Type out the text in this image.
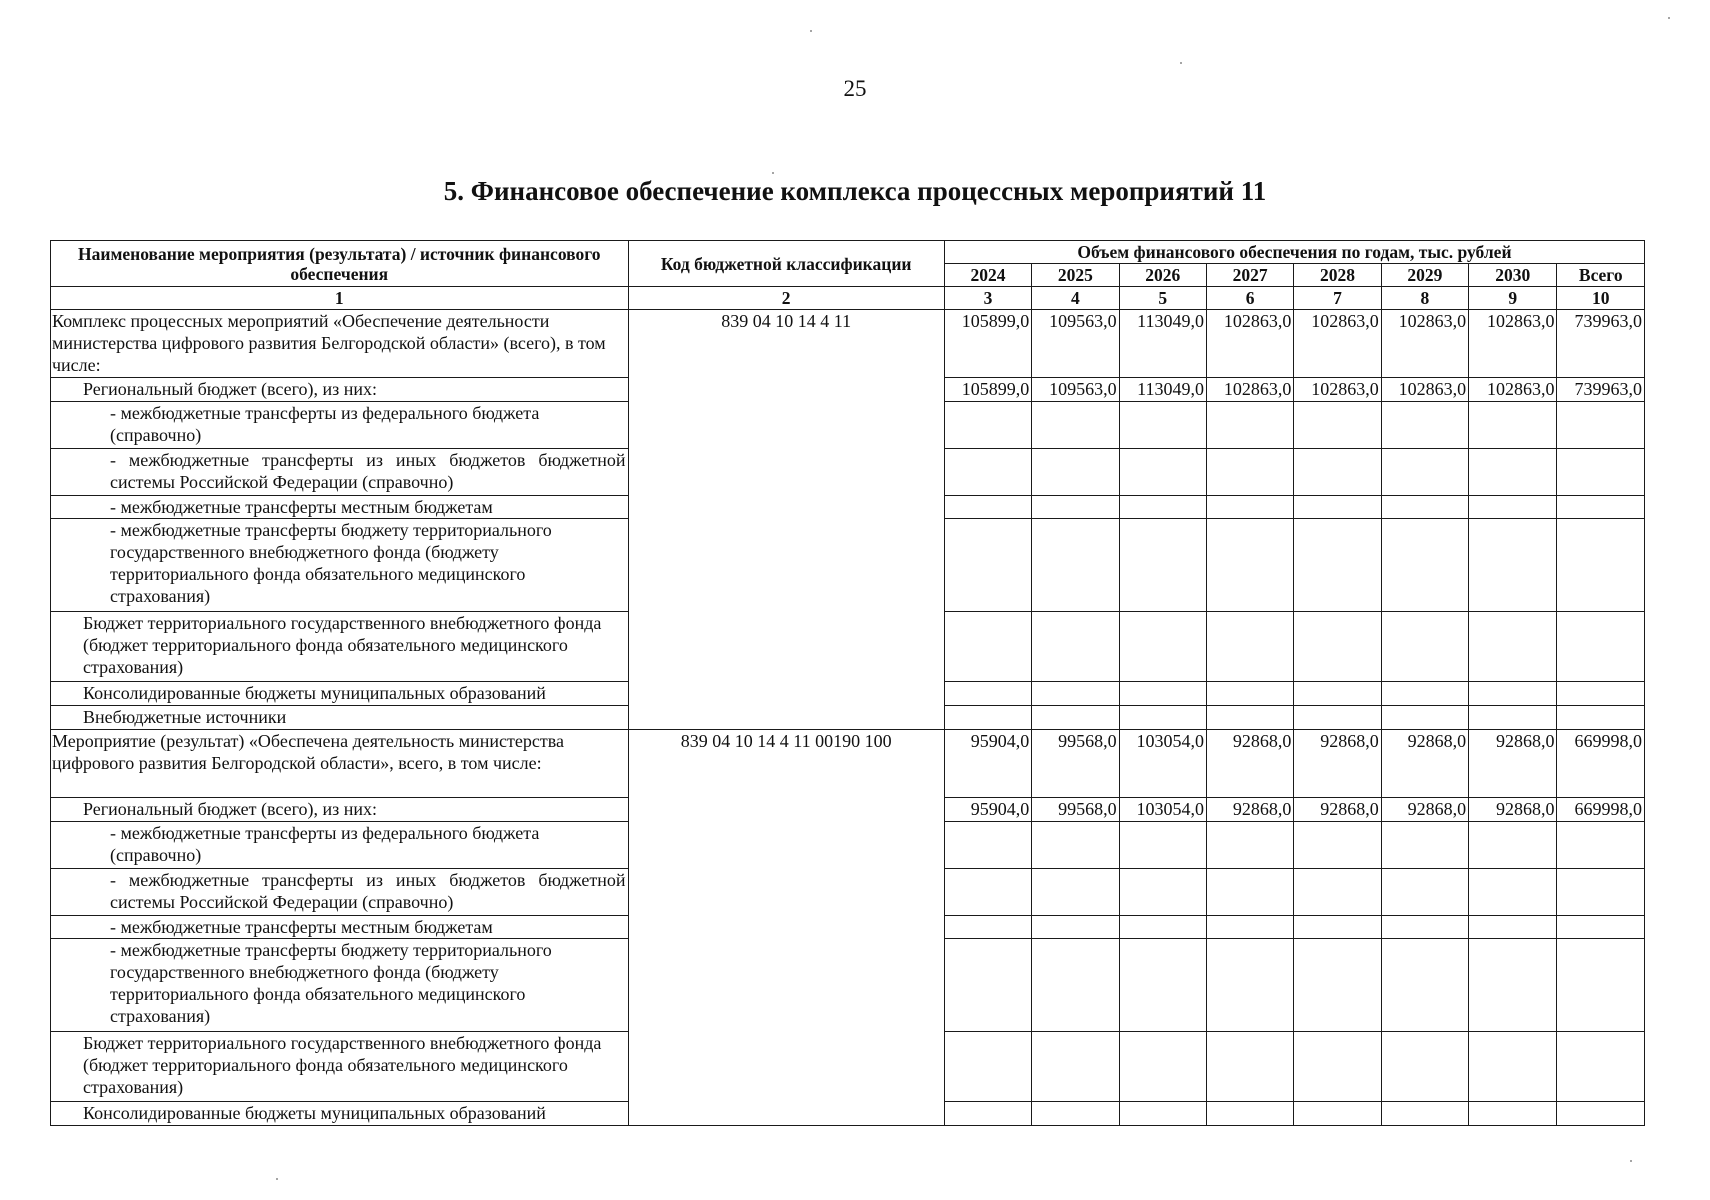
25
5. Финансовое обеспечение комплекса процессных мероприятий 11
Наименование мероприятия (результата) / источник финансового обеспечения	Код бюджетной классификации	Объем финансового обеспечения по годам, тыс. рублей							
		2024	2025	2026	2027	2028	2029	2030	Всего
1	2	3	4	5	6	7	8	9	10
Комплекс процессных мероприятий «Обеспечение деятельности министерства цифрового развития Белгородской области» (всего), в том числе:	839 04 10 14 4 11	105899,0	109563,0	113049,0	102863,0	102863,0	102863,0	102863,0	739963,0
Региональный бюджет (всего), из них:		105899,0	109563,0	113049,0	102863,0	102863,0	102863,0	102863,0	739963,0
- межбюджетные трансферты из федерального бюджета (справочно)									
- межбюджетные трансферты из иных бюджетов бюджетной системы Российской Федерации (справочно)									
- межбюджетные трансферты местным бюджетам									
- межбюджетные трансферты бюджету территориального государственного внебюджетного фонда (бюджету территориального фонда обязательного медицинского страхования)									
Бюджет территориального государственного внебюджетного фонда (бюджет территориального фонда обязательного медицинского страхования)									
Консолидированные бюджеты муниципальных образований									
Внебюджетные источники									
Мероприятие (результат) «Обеспечена деятельность министерства цифрового развития Белгородской области», всего, в том числе:	839 04 10 14 4 11 00190 100	95904,0	99568,0	103054,0	92868,0	92868,0	92868,0	92868,0	669998,0
Региональный бюджет (всего), из них:		95904,0	99568,0	103054,0	92868,0	92868,0	92868,0	92868,0	669998,0
- межбюджетные трансферты из федерального бюджета (справочно)									
- межбюджетные трансферты из иных бюджетов бюджетной системы Российской Федерации (справочно)									
- межбюджетные трансферты местным бюджетам									
- межбюджетные трансферты бюджету территориального государственного внебюджетного фонда (бюджету территориального фонда обязательного медицинского страхования)									
Бюджет территориального государственного внебюджетного фонда (бюджет территориального фонда обязательного медицинского страхования)									
Консолидированные бюджеты муниципальных образований									
